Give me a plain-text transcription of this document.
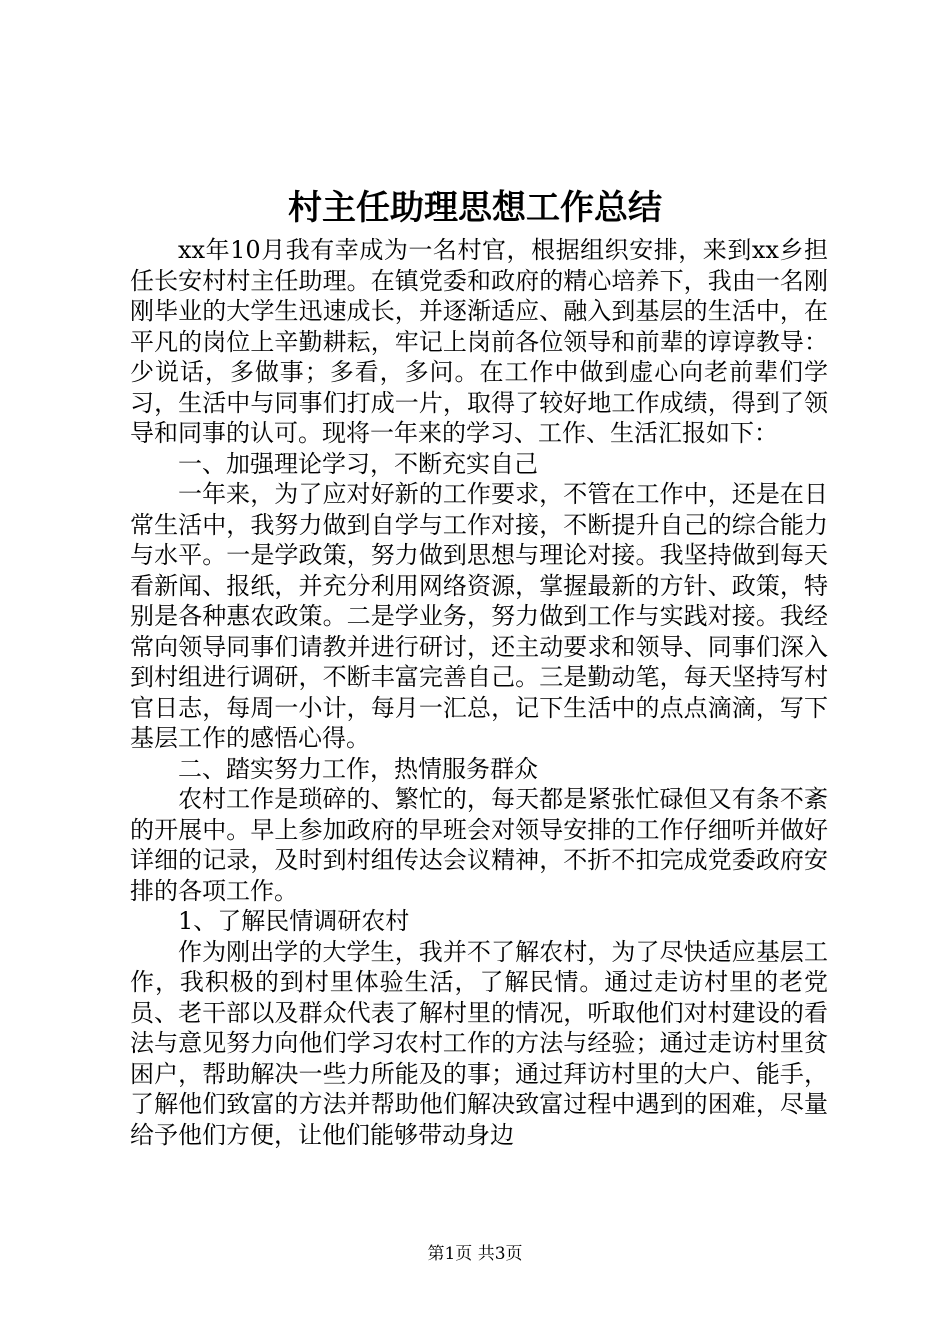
村主任助理思想工作总结

xx年10月我有幸成为一名村官，根据组织安排，来到xx乡担任长安村村主任助理。在镇党委和政府的精心培养下，我由一名刚刚毕业的大学生迅速成长，并逐渐适应、融入到基层的生活中，在平凡的岗位上辛勤耕耘，牢记上岗前各位领导和前辈的谆谆教导：少说话，多做事；多看，多问。在工作中做到虚心向老前辈们学习，生活中与同事们打成一片，取得了较好地工作成绩，得到了领导和同事的认可。现将一年来的学习、工作、生活汇报如下：

一、加强理论学习，不断充实自己

一年来，为了应对好新的工作要求，不管在工作中，还是在日常生活中，我努力做到自学与工作对接，不断提升自己的综合能力与水平。一是学政策，努力做到思想与理论对接。我坚持做到每天看新闻、报纸，并充分利用网络资源，掌握最新的方针、政策，特别是各种惠农政策。二是学业务，努力做到工作与实践对接。我经常向领导同事们请教并进行研讨，还主动要求和领导、同事们深入到村组进行调研，不断丰富完善自己。三是勤动笔，每天坚持写村官日志，每周一小计，每月一汇总，记下生活中的点点滴滴，写下基层工作的感悟心得。

二、踏实努力工作，热情服务群众

农村工作是琐碎的、繁忙的，每天都是紧张忙碌但又有条不紊的开展中。早上参加政府的早班会对领导安排的工作仔细听并做好详细的记录，及时到村组传达会议精神，不折不扣完成党委政府安排的各项工作。

1、了解民情调研农村

作为刚出学的大学生，我并不了解农村，为了尽快适应基层工作，我积极的到村里体验生活，了解民情。通过走访村里的老党员、老干部以及群众代表了解村里的情况，听取他们对村建设的看法与意见努力向他们学习农村工作的方法与经验；通过走访村里贫困户，帮助解决一些力所能及的事；通过拜访村里的大户、能手，了解他们致富的方法并帮助他们解决致富过程中遇到的困难，尽量给予他们方便，让他们能够带动身边

第1页 共3页
